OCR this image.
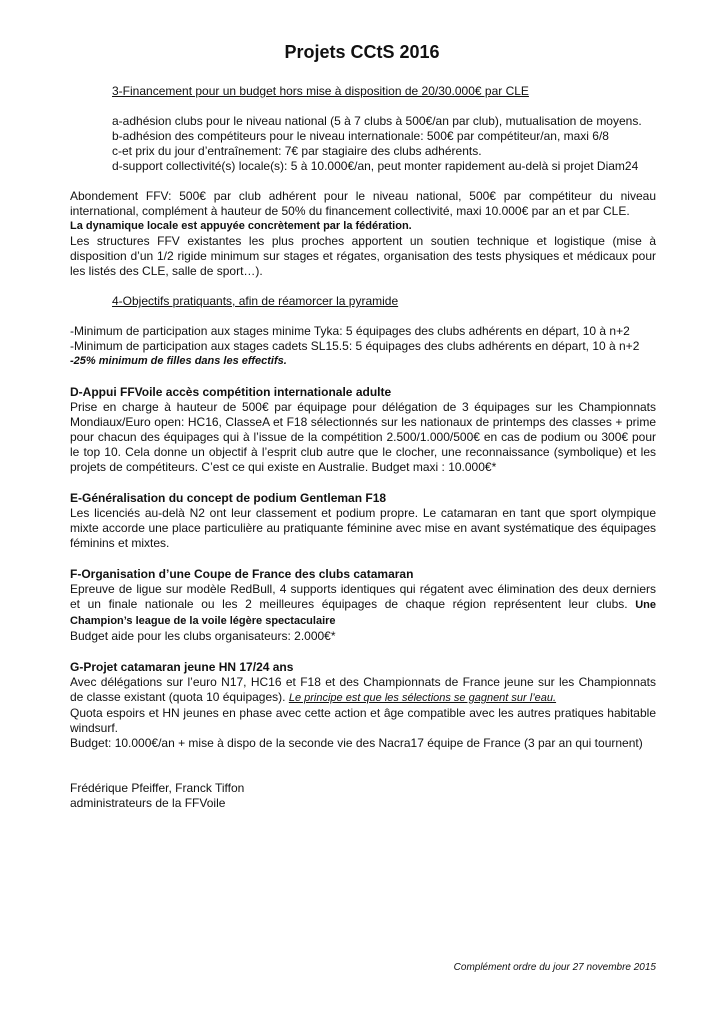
Projets CCtS 2016

3-Financement pour un budget hors mise à disposition de 20/30.000€ par CLE

a-adhésion clubs pour le niveau national (5 à 7 clubs à 500€/an par club), mutualisation de moyens.

b-adhésion des compétiteurs pour le niveau internationale: 500€ par compétiteur/an, maxi 6/8

c-et prix du jour d’entraînement: 7€ par stagiaire des clubs adhérents.

d-support collectivité(s) locale(s): 5 à 10.000€/an, peut monter rapidement au-delà si projet Diam24

Abondement FFV: 500€ par club adhérent pour le niveau national, 500€ par compétiteur du niveau international, complément à hauteur de 50% du financement collectivité, maxi 10.000€ par an et par CLE.

La dynamique locale est appuyée concrètement par la fédération.

Les structures FFV existantes les plus proches apportent un soutien technique et logistique (mise à disposition d’un 1/2 rigide minimum sur stages et régates, organisation des tests physiques et médicaux pour les listés des CLE, salle de sport…).

4-Objectifs pratiquants, afin de réamorcer la pyramide

-Minimum de participation aux stages minime Tyka: 5 équipages des clubs adhérents en départ, 10 à n+2

-Minimum de participation aux stages cadets SL15.5: 5 équipages des clubs adhérents en départ, 10 à n+2

-25% minimum de filles dans les effectifs.

D-Appui FFVoile accès compétition internationale adulte

Prise en charge à hauteur de 500€ par équipage pour délégation de 3 équipages sur les Championnats Mondiaux/Euro open: HC16, ClasseA et F18 sélectionnés sur les nationaux de printemps des classes + prime pour chacun des équipages qui à l’issue de la compétition 2.500/1.000/500€ en cas de podium ou 300€ pour le top 10. Cela donne un objectif à l’esprit club autre que le clocher, une reconnaissance (symbolique) et les projets de compétiteurs. C’est ce qui existe en Australie. Budget maxi : 10.000€*

E-Généralisation du concept de podium Gentleman F18

Les licenciés au-delà N2 ont leur classement et podium propre. Le catamaran en tant que sport olympique mixte accorde une place particulière au pratiquante féminine avec mise en avant systématique des équipages féminins et mixtes.

F-Organisation d’une Coupe de France des clubs catamaran

Epreuve de ligue sur modèle RedBull, 4 supports identiques qui régatent avec élimination des deux derniers et un finale nationale ou les 2 meilleures équipages de chaque région représentent leur clubs. Une Champion’s league de la voile légère spectaculaire

Budget aide pour les clubs organisateurs: 2.000€*

G-Projet catamaran jeune HN 17/24 ans

Avec délégations sur l’euro N17, HC16 et F18 et des Championnats de France jeune sur les Championnats de classe existant (quota 10 équipages). Le principe est que les sélections se gagnent sur l’eau.

Quota espoirs et HN jeunes en phase avec cette action et âge compatible avec les autres pratiques habitable windsurf.

Budget: 10.000€/an + mise à dispo de la seconde vie des Nacra17 équipe de France (3 par an qui tournent)

Frédérique Pfeiffer, Franck Tiffon

administrateurs de la FFVoile

Complément ordre du jour 27 novembre 2015
